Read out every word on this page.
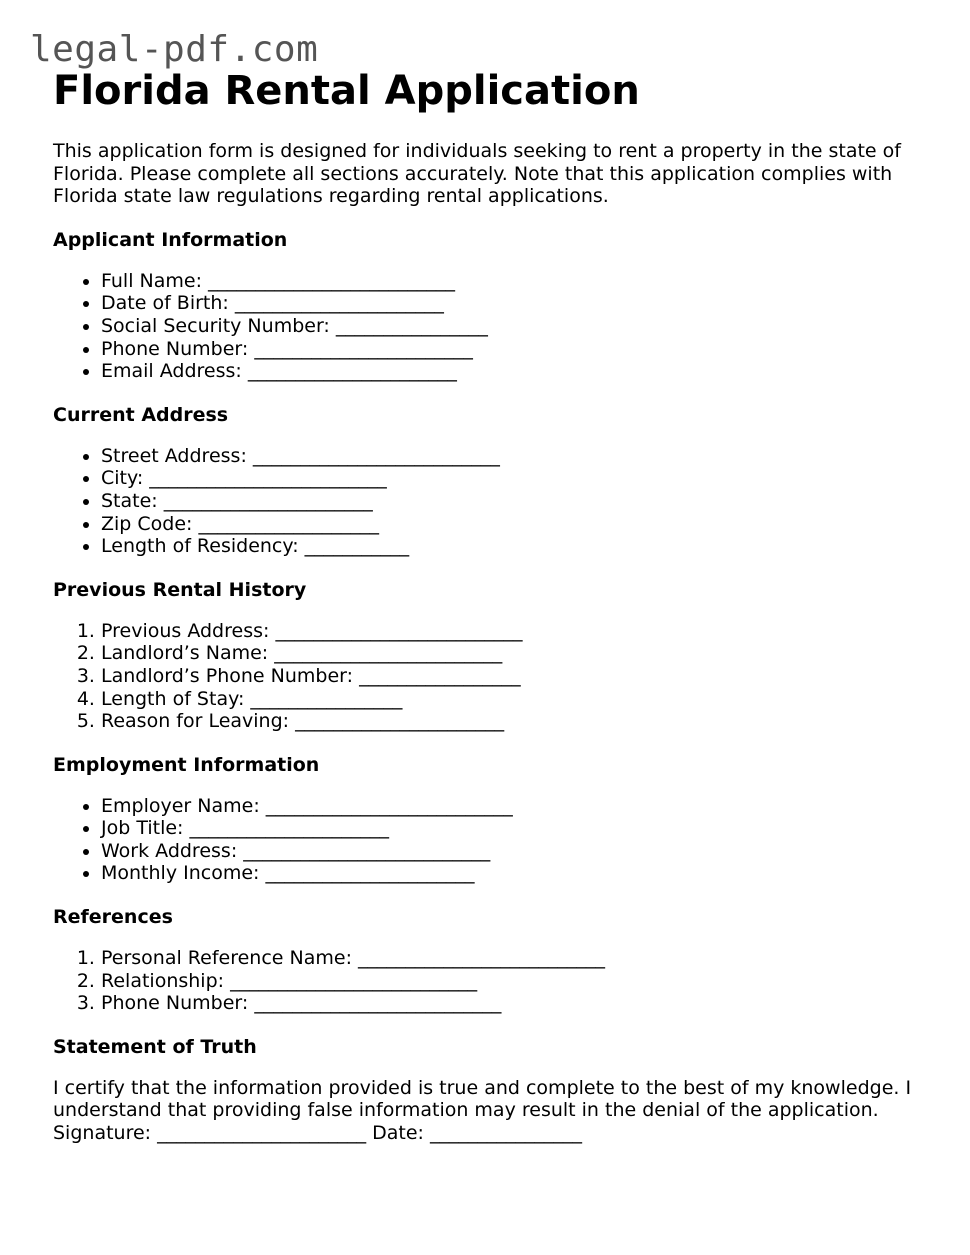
legal-pdf.com
Florida Rental Application

This application form is designed for individuals seeking to rent a property in the state of Florida. Please complete all sections accurately. Note that this application complies with Florida state law regulations regarding rental applications.

Applicant Information
• Full Name: __________________________
• Date of Birth: ______________________
• Social Security Number: ________________
• Phone Number: _______________________
• Email Address: ______________________
Current Address
• Street Address: __________________________
• City: _________________________
• State: ______________________
• Zip Code: ___________________
• Length of Residency: ___________
Previous Rental History
1. Previous Address: __________________________
2. Landlord’s Name: ________________________
3. Landlord’s Phone Number: _________________
4. Length of Stay: ________________
5. Reason for Leaving: ______________________
Employment Information
• Employer Name: __________________________
• Job Title: _____________________
• Work Address: __________________________
• Monthly Income: ______________________
References
1. Personal Reference Name: __________________________
2. Relationship: __________________________
3. Phone Number: __________________________
Statement of Truth

I certify that the information provided is true and complete to the best of my knowledge. I understand that providing false information may result in the denial of the application.

Signature: ______________________ Date: ________________
